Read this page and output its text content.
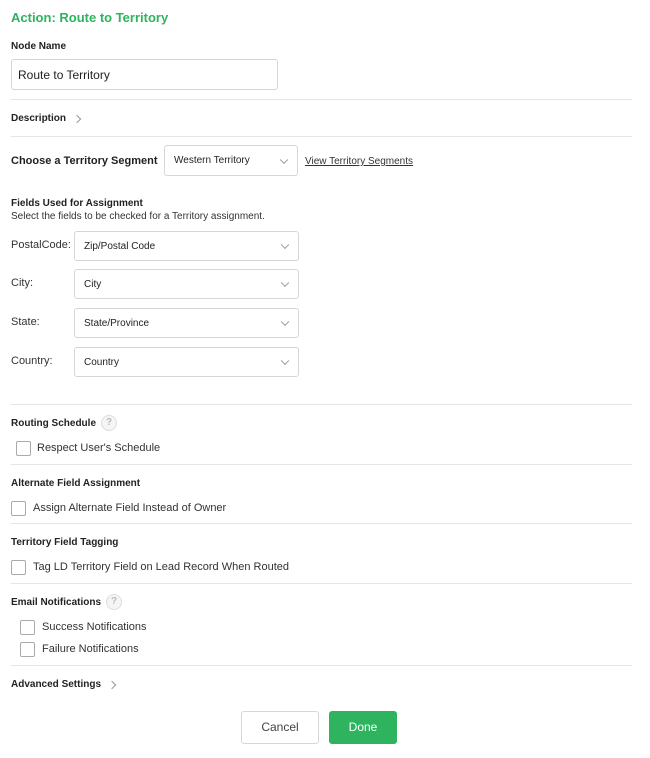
Action: Route to Territory
Node Name
Route to Territory
Description
Choose a Territory Segment Western Territory	View Territory Segments
Fields Used for Assignment
Select the fields to be checked for a Territory assignment.
PostalCode: Zip/Postal Code
City:	City
State:	State/Province
Country:	Country
Routing Schedule ?
Respect User's Schedule
Alternate Field Assignment
Assign Alternate Field Instead of Owner
Territory Field Tagging
Tag LD Territory Field on Lead Record When Routed
Email Notifications ?
Success Notifications
Failure Notifications
Advanced Settings
Cancel	Done
